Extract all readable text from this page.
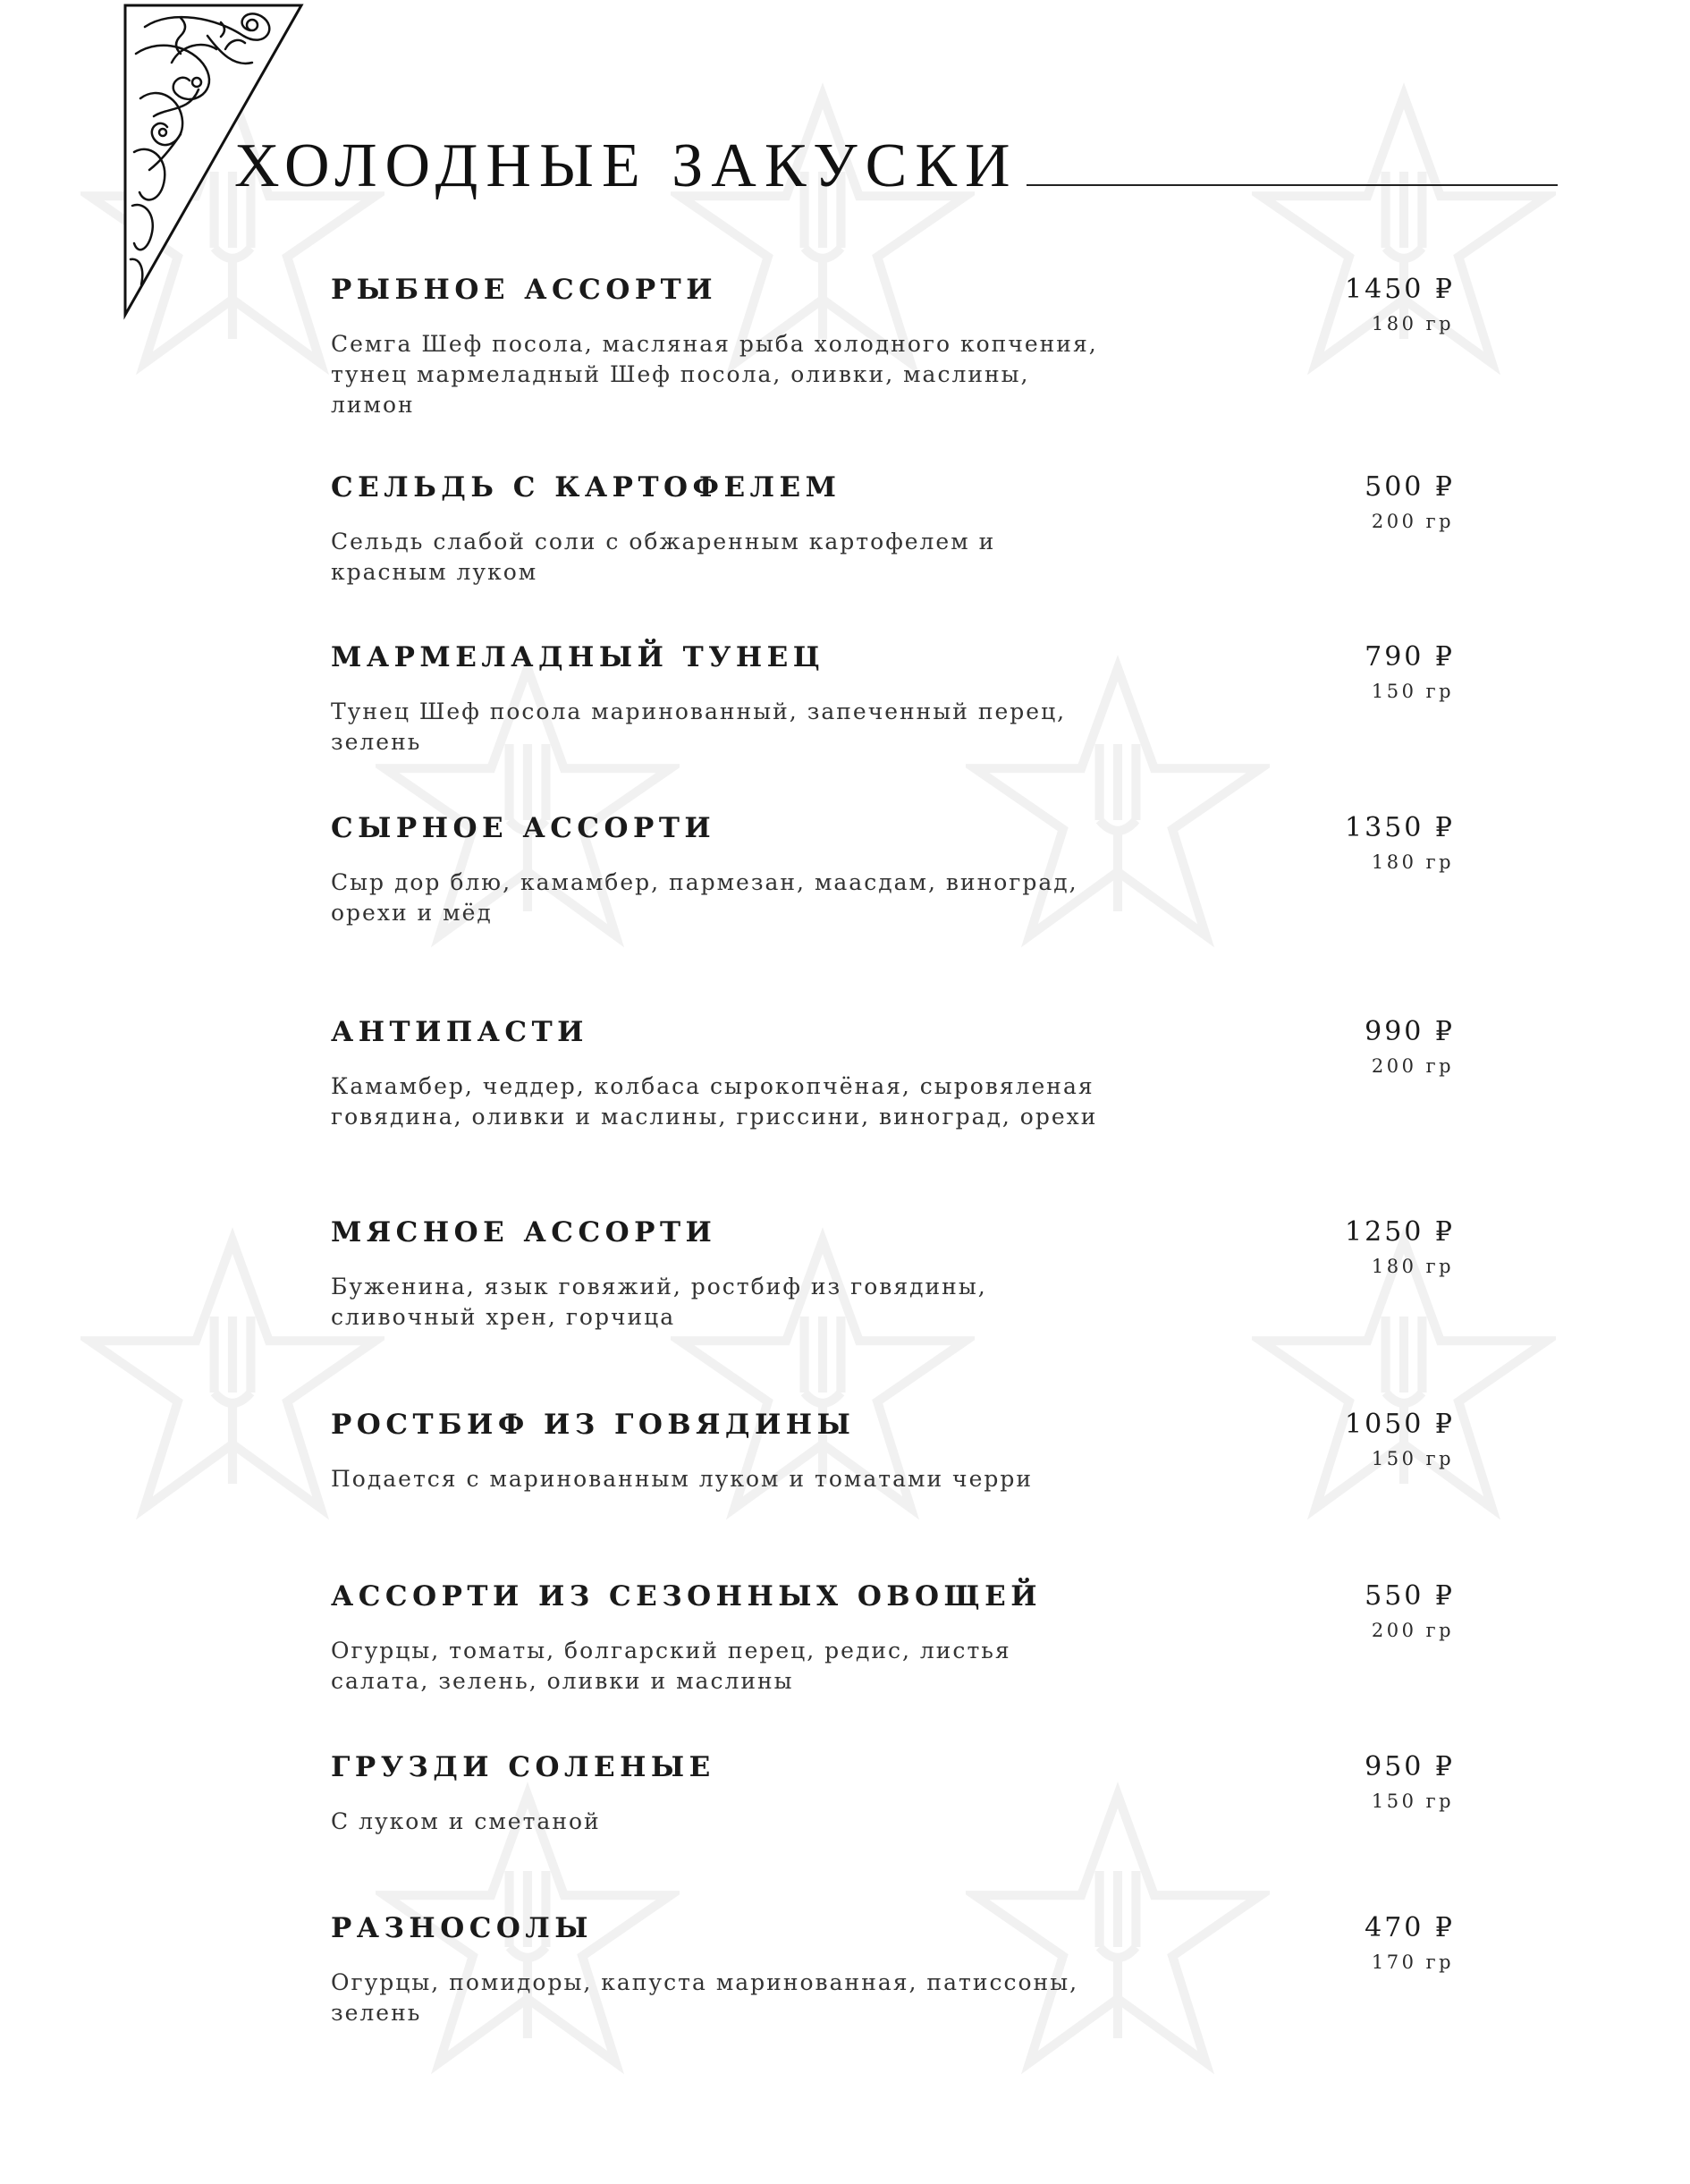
ХОЛОДНЫЕ ЗАКУСКИ
РЫБНОЕ АССОРТИ
Семга Шеф посола, масляная рыба холодного копчения, тунец мармеладный Шеф посола, оливки, маслины, лимон
1450 ₽
180 гр
СЕЛЬДЬ С КАРТОФЕЛЕМ
Сельдь слабой соли с обжаренным картофелем и красным луком
500 ₽
200 гр
МАРМЕЛАДНЫЙ ТУНЕЦ
Тунец Шеф посола маринованный, запеченный перец, зелень
790 ₽
150 гр
СЫРНОЕ АССОРТИ
Сыр дор блю, камамбер, пармезан, маасдам, виноград, орехи и мёд
1350 ₽
180 гр
АНТИПАСТИ
Камамбер, чеддер, колбаса сырокопчёная, сыровяленая говядина, оливки и маслины, гриссини, виноград, орехи
990 ₽
200 гр
МЯСНОЕ АССОРТИ
Буженина, язык говяжий, ростбиф из говядины, сливочный хрен, горчица
1250 ₽
180 гр
РОСТБИФ ИЗ ГОВЯДИНЫ
Подается с маринованным луком и томатами черри
1050 ₽
150 гр
АССОРТИ ИЗ СЕЗОННЫХ ОВОЩЕЙ
Огурцы, томаты, болгарский перец, редис, листья салата, зелень, оливки и маслины
550 ₽
200 гр
ГРУЗДИ СОЛЕНЫЕ
С луком и сметаной
950 ₽
150 гр
РАЗНОСОЛЫ
Огурцы, помидоры, капуста маринованная, патиссоны, зелень
470 ₽
170 гр
